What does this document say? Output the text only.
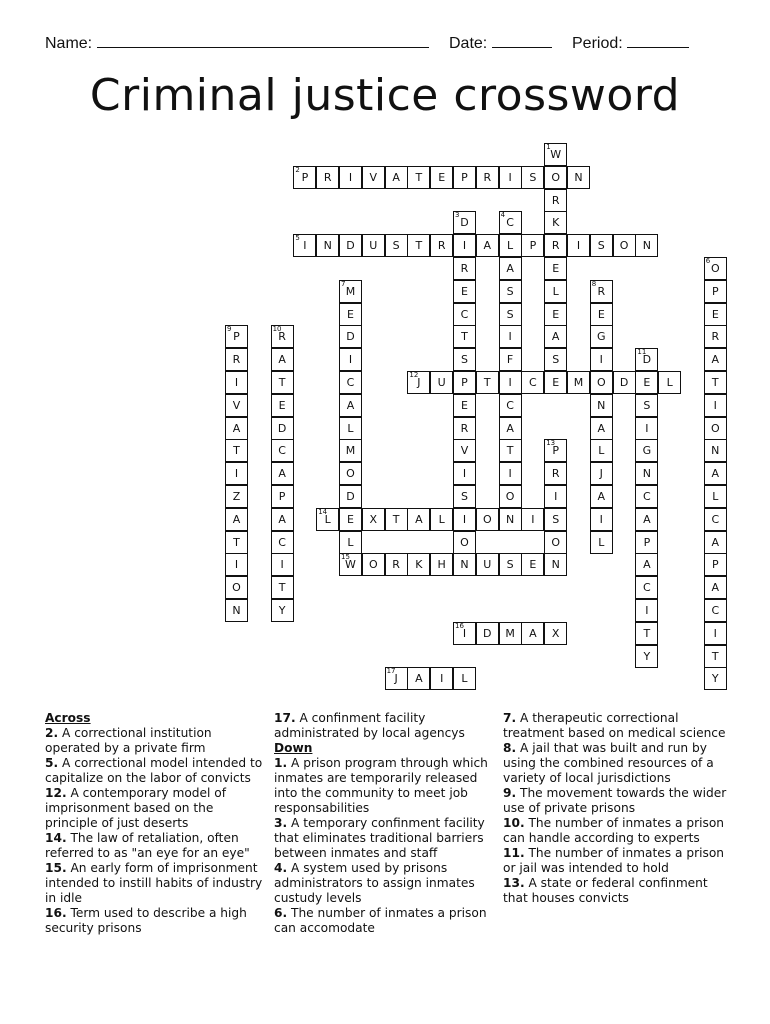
Name:	Date:	Period:
Criminal justice crossword
W
1
O
R
K
R
E
L
E
A
S
E
P
2
R	I	V	A	T	E	P	R	I	S	N
D
3
I
R
E
C
T
S
P
E
R
V
I
S
I
O
N
C
4
L
A
S
S
I
F
I
C
A
T
I
O
N
I
5
N	D	U	S	T	R	A	P	I	S	O	N
O
6
P
E
R
A
T
I
O
N
A
L
C
A
P
A
C
I
T
Y
M
7
E
D
I
C
A
L
M
O
D
E
L
R
8
E
G
I
O
N
A
L
J
A
I
L
P
9
R
I
V
A
T
I
Z
A
T
I
O
N
R
10
A
T
E
D
C
A
P
A
C
I
T
Y
D
11
E
S
I
G
N
C
A
P
A
C
I
T
Y
J
12
U	T	C	M	D	L
P
13
R
I
S
O
N
L
14
X	T	A	L	O	I
W
15
O	R	K	H	U	S	E
I
16
D	M	A	X
J
17
A	I	L
Across
2. A correctional institution operated by a private firm
5. A correctional model intended to capitalize on the labor of convicts
12. A contemporary model of imprisonment based on the principle of just deserts
14. The law of retaliation, often referred to as "an eye for an eye"
15. An early form of imprisonment intended to instill habits of industry in idle
16. Term used to describe a high security prisons
17. A confinment facility administrated by local agencys
Down
1. A prison program through which inmates are temporarily released into the community to meet job responsabilities
3. A temporary confinment facility that eliminates traditional barriers between inmates and staff
4. A system used by prisons administrators to assign inmates custudy levels
6. The number of inmates a prison can accomodate
7. A therapeutic correctional treatment based on medical science
8. A jail that was built and run by using the combined resources of a variety of local jurisdictions
9. The movement towards the wider use of private prisons
10. The number of inmates a prison can handle according to experts
11. The number of inmates a prison or jail was intended to hold
13. A state or federal confinment that houses convicts
